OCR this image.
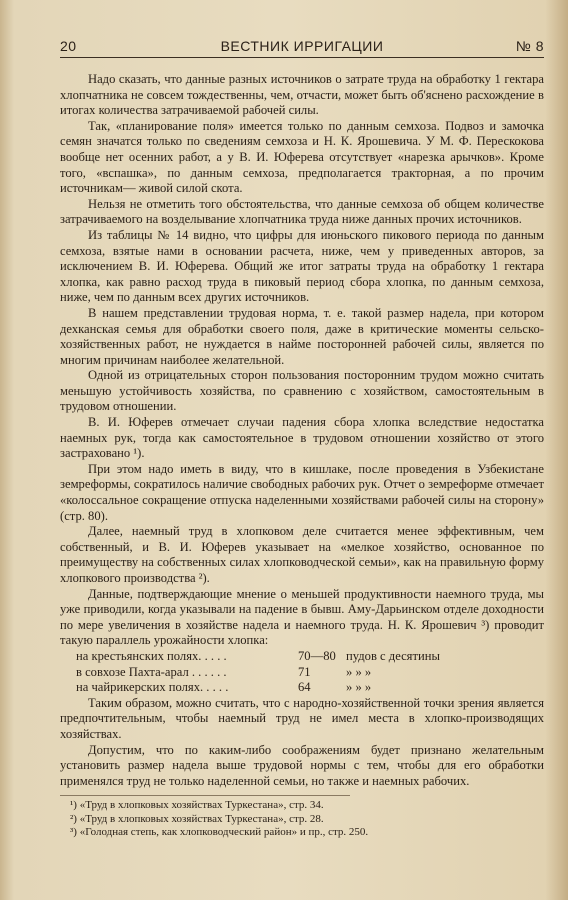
20	ВЕСТНИК ИРРИГАЦИИ	№ 8

Надо сказать, что данные разных источников о затрате труда на обработку 1 гектара хлопчатника не совсем тождественны, чем, отчасти, может быть об'яснено расхождение в итогах количества затрачиваемой рабочей силы.

Так, «планирование поля» имеется только по данным семхоза. Подвоз и замочка семян значатся только по сведениям семхоза и Н. К. Ярошевича. У М. Ф. Перескокова вообще нет осенних работ, а у В. И. Юферева отсутствует «нарезка арычков». Кроме того, «вспашка», по данным семхоза, предполагается тракторная, а по прочим источникам— живой силой скота.

Нельзя не отметить того обстоятельства, что данные семхоза об общем количестве затрачиваемого на возделывание хлопчатника труда ниже данных прочих источников.

Из таблицы № 14 видно, что цифры для июньского пикового периода по данным семхоза, взятые нами в основании расчета, ниже, чем у приведенных авторов, за исключением В. И. Юферева. Общий же итог затраты труда на обработку 1 гектара хлопка, как равно расход труда в пиковый период сбора хлопка, по данным семхоза, ниже, чем по данным всех других источников.

В нашем представлении трудовая норма, т. е. такой размер надела, при котором дехканская семья для обработки своего поля, даже в критические моменты сельско-хозяйственных работ, не нуждается в найме посторонней рабочей силы, является по многим причинам наиболее желательной.

Одной из отрицательных сторон пользования посторонним трудом можно считать меньшую устойчивость хозяйства, по сравнению с хозяйством, самостоятельным в трудовом отношении.

В. И. Юферев отмечает случаи падения сбора хлопка вследствие недостатка наемных рук, тогда как самостоятельное в трудовом отношении хозяйство от этого застраховано ¹).

При этом надо иметь в виду, что в кишлаке, после проведения в Узбекистане земреформы, сократилось наличие свободных рабочих рук. Отчет о земреформе отмечает «колоссальное сокращение отпуска наделенными хозяйствами рабочей силы на сторону» (стр. 80).

Далее, наемный труд в хлопковом деле считается менее эффективным, чем собственный, и В. И. Юферев указывает на «мелкое хозяйство, основанное по преимуществу на собственных силах хлопководческой семьи», как на правильную форму хлопкового производства ²).

Данные, подтверждающие мнение о меньшей продуктивности наемного труда, мы уже приводили, когда указывали на падение в бывш. Аму-Дарьинском отделе доходности по мере увеличения в хозяйстве надела и наемного труда. Н. К. Ярошевич ³) проводит такую параллель урожайности хлопка:

на крестьянских полях. . . . .	70—80 пудов с десятины
в совхозе Пахта-арал . . . . . .	71	» » »
на чайрикерских полях. . . . .	64	» » »

Таким образом, можно считать, что с народно-хозяйственной точки зрения является предпочтительным, чтобы наемный труд не имел места в хлопко-производящих хозяйствах.

Допустим, что по каким-либо соображениям будет признано желательным установить размер надела выше трудовой нормы с тем, чтобы для его обработки применялся труд не только наделенной семьи, но также и наемных рабочих.

¹) «Труд в хлопковых хозяйствах Туркестана», стр. 34.
²) «Труд в хлопковых хозяйствах Туркестана», стр. 28.
³) «Голодная степь, как хлопководческий район» и пр., стр. 250.
